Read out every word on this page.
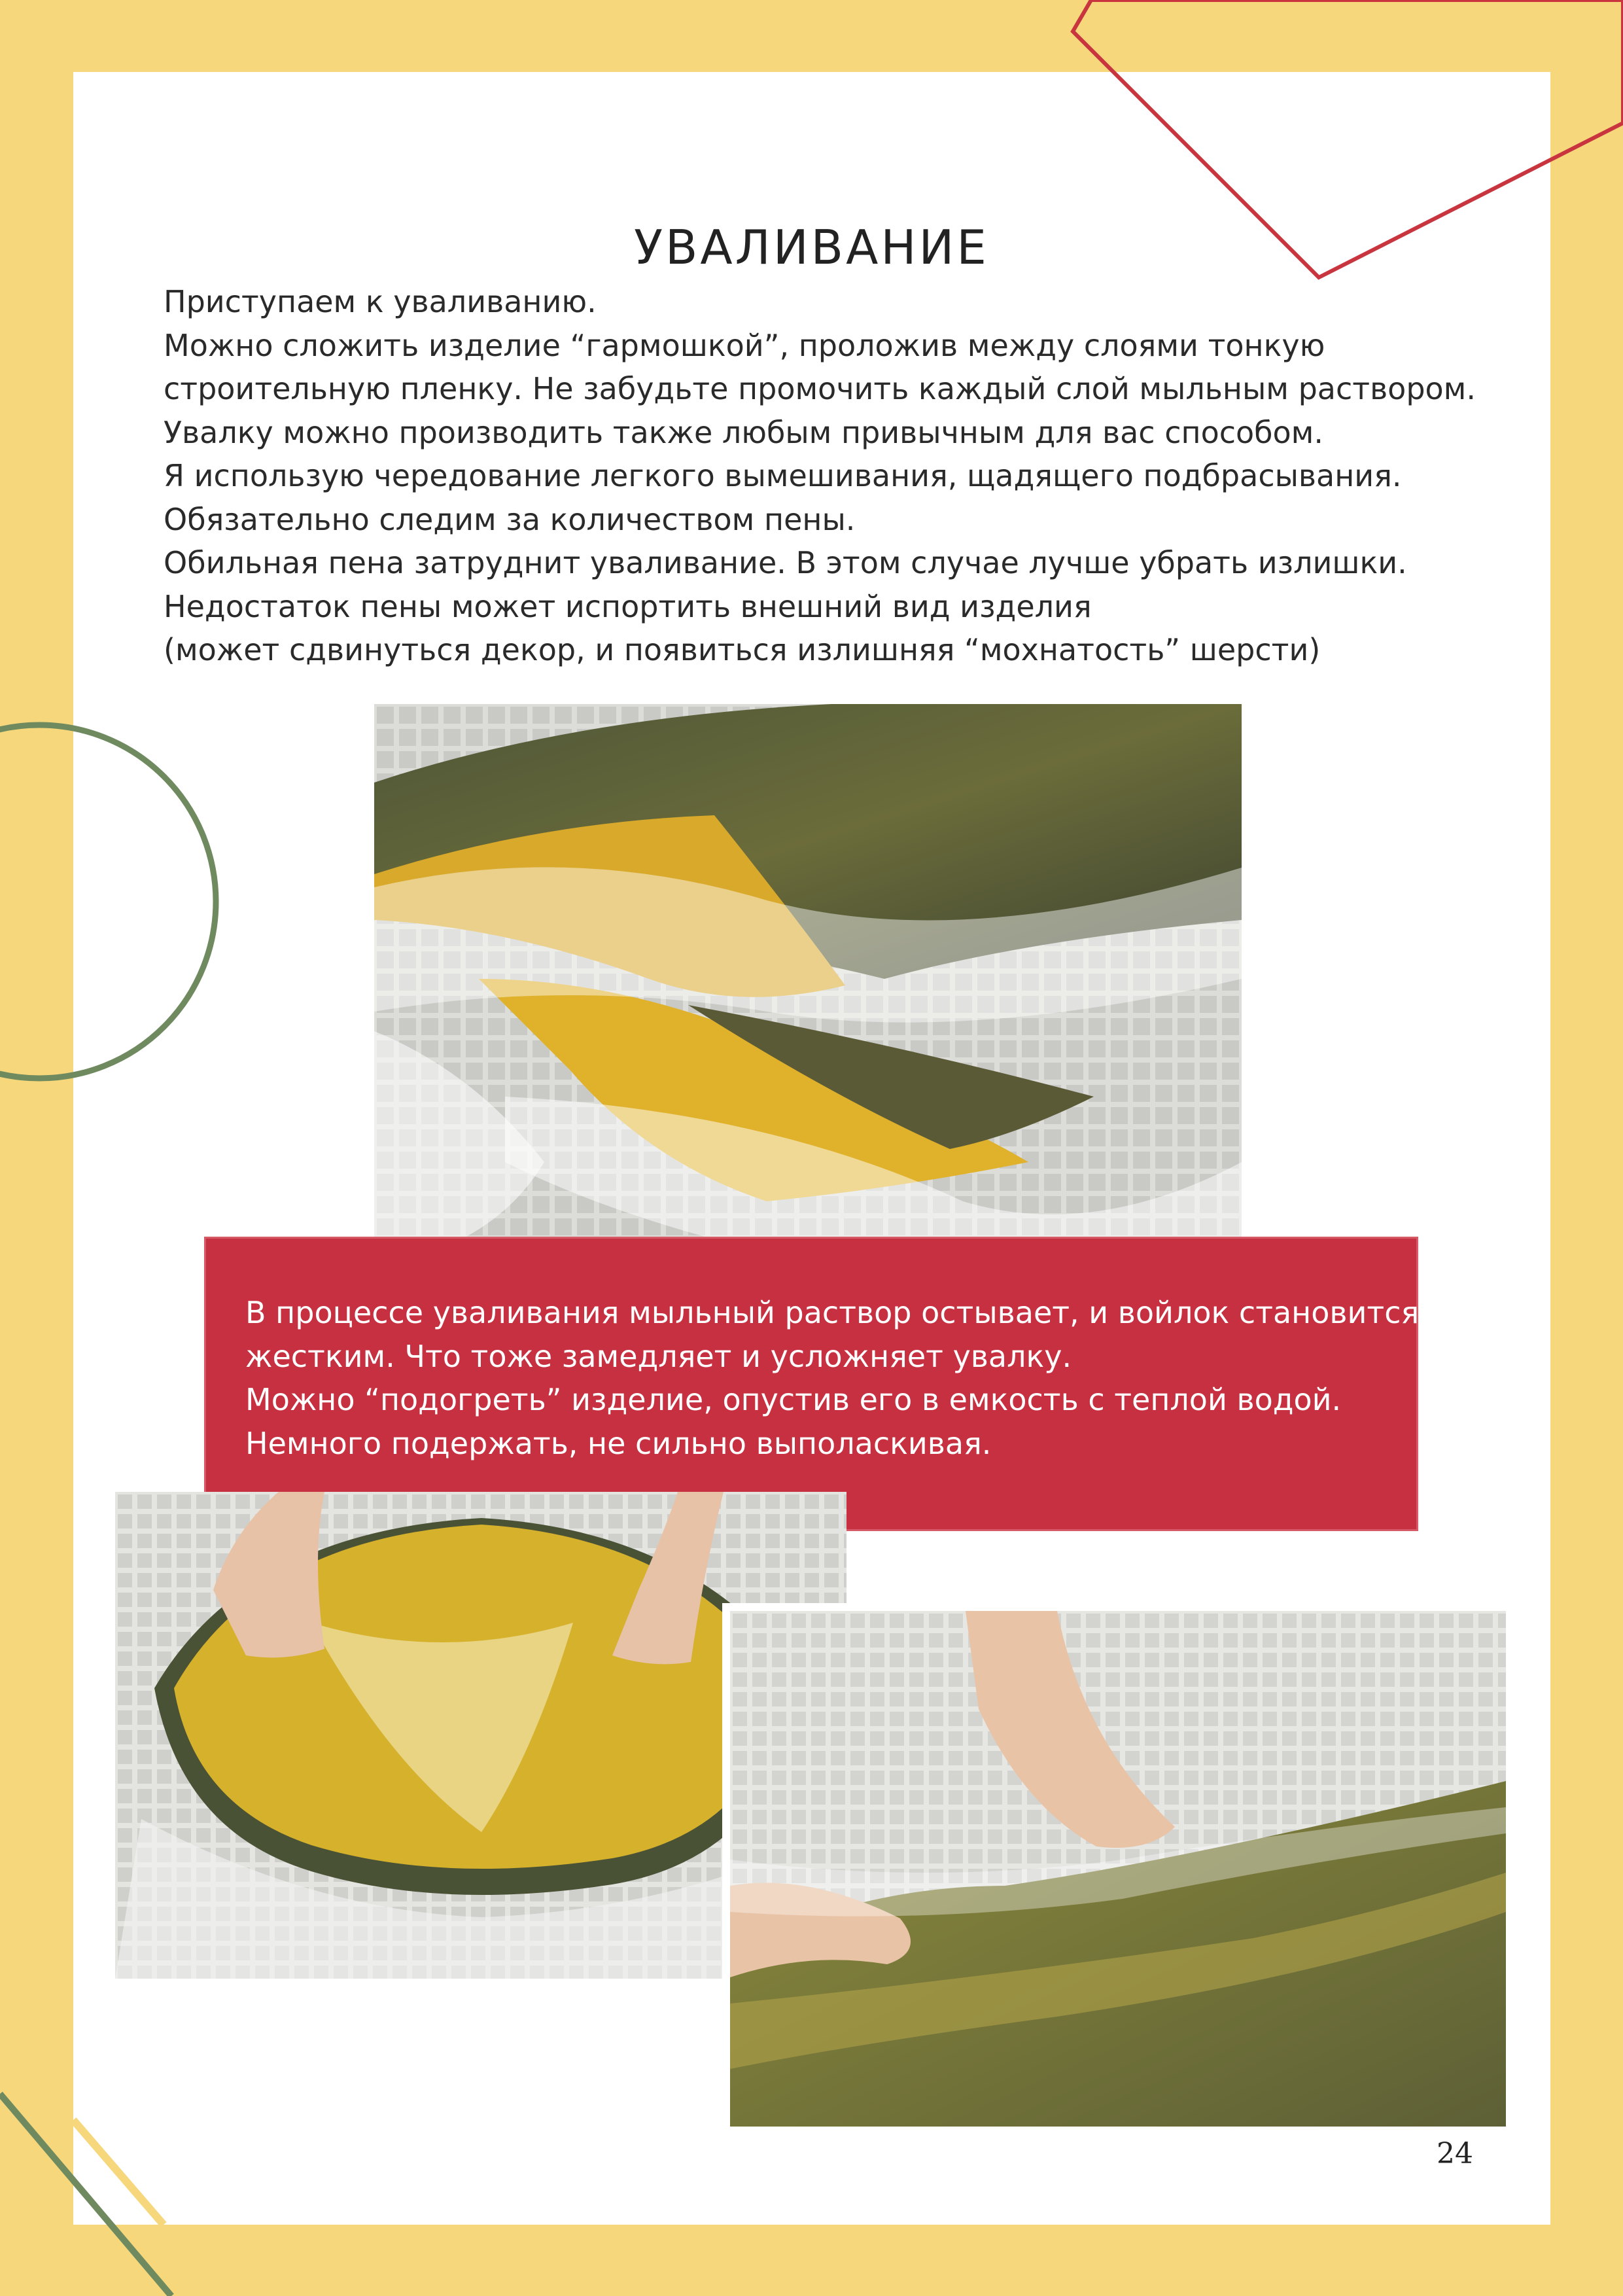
УВАЛИВАНИЕ

Приступаем к уваливанию.

Можно сложить изделие “гармошкой”, проложив между слоями тонкую

строительную пленку. Не забудьте промочить каждый слой мыльным раствором.

Увалку можно производить также любым привычным для вас способом.

Я использую чередование легкого вымешивания, щадящего подбрасывания.

Обязательно следим за количеством пены.

Обильная пена затруднит уваливание. В этом случае лучше убрать излишки.

Недостаток пены может испортить внешний вид изделия

(может сдвинуться декор, и появиться излишняя “мохнатость” шерсти)

В процессе уваливания мыльный раствор остывает, и войлок становится

жестким. Что тоже замедляет и усложняет увалку.

Можно “подогреть” изделие, опустив его в емкость с теплой водой.

Немного подержать, не сильно выполаскивая.

24
